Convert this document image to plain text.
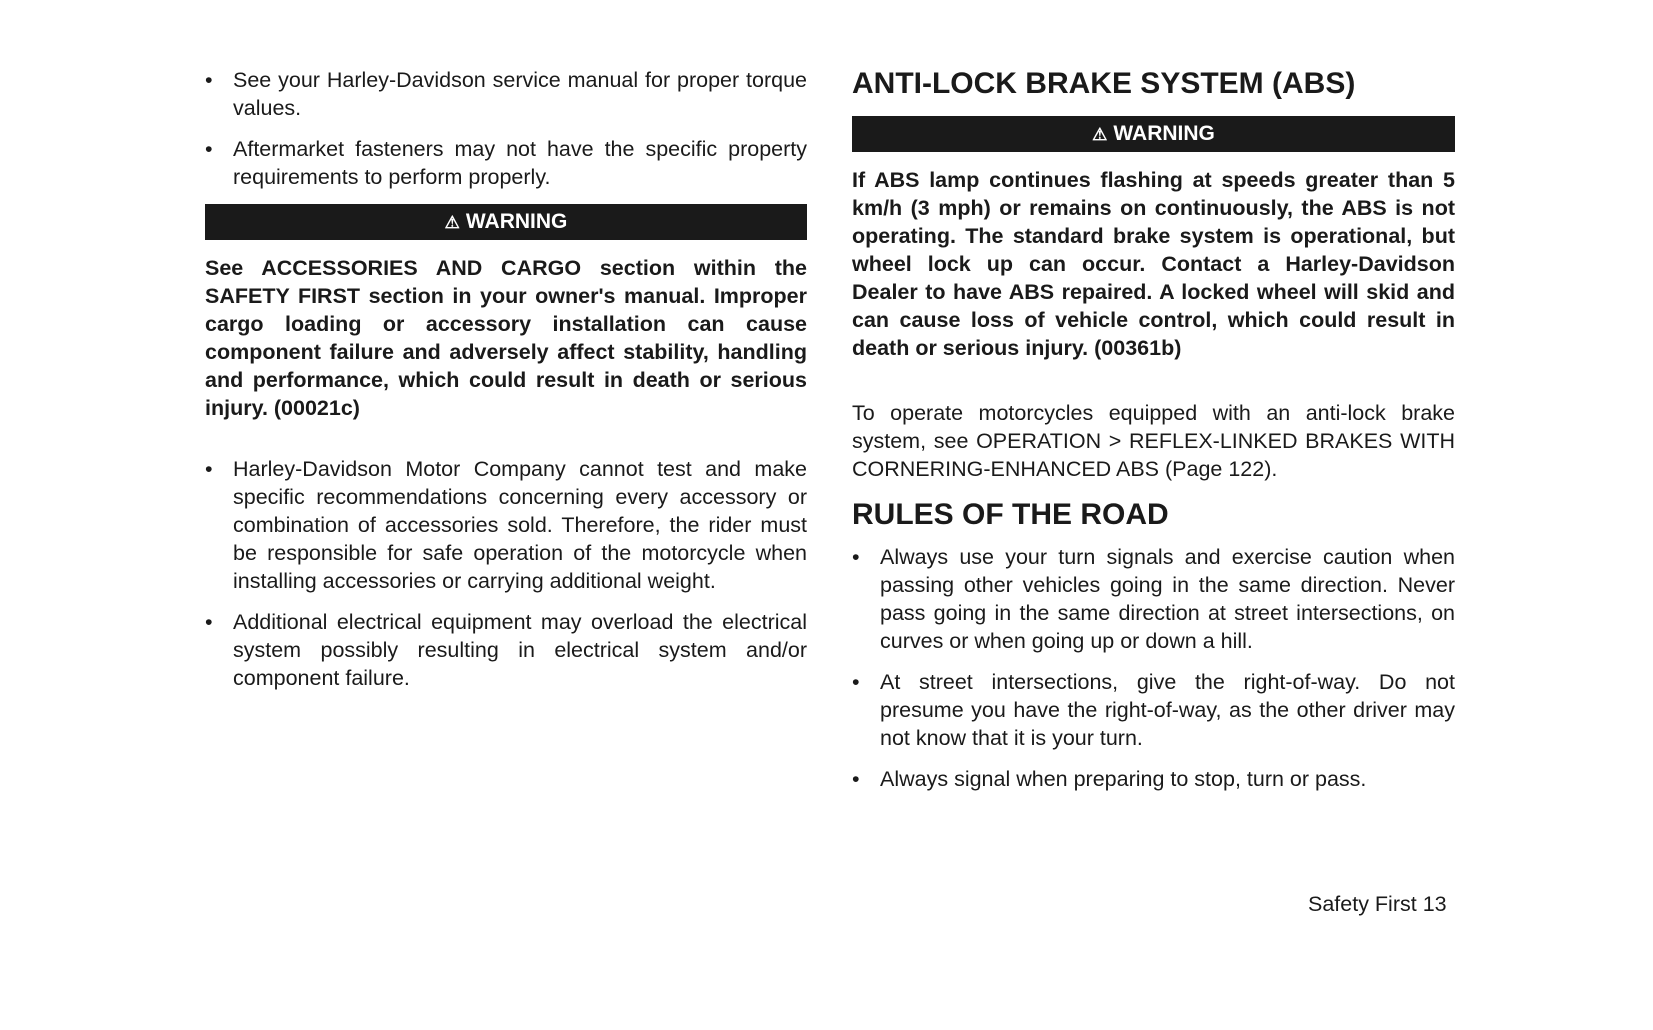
• See your Harley-Davidson service manual for proper torque values.
• Aftermarket fasteners may not have the specific property requirements to perform properly.
⚠ WARNING

See ACCESSORIES AND CARGO section within the SAFETY FIRST section in your owner's manual. Improper cargo loading or accessory installation can cause component failure and adversely affect stability, handling and performance, which could result in death or serious injury. (00021c)

• Harley-Davidson Motor Company cannot test and make specific recommendations concerning every accessory or combination of accessories sold. Therefore, the rider must be responsible for safe operation of the motorcycle when installing accessories or carrying additional weight.
• Additional electrical equipment may overload the electrical system possibly resulting in electrical system and/or component failure.
ANTI-LOCK BRAKE SYSTEM (ABS)
⚠ WARNING

If ABS lamp continues flashing at speeds greater than 5 km/h (3 mph) or remains on continuously, the ABS is not operating. The standard brake system is operational, but wheel lock up can occur. Contact a Harley-Davidson Dealer to have ABS repaired. A locked wheel will skid and can cause loss of vehicle control, which could result in death or serious injury. (00361b)

To operate motorcycles equipped with an anti-lock brake system, see OPERATION > REFLEX-LINKED BRAKES WITH CORNERING-ENHANCED ABS (Page 122).

RULES OF THE ROAD
• Always use your turn signals and exercise caution when passing other vehicles going in the same direction. Never pass going in the same direction at street intersections, on curves or when going up or down a hill.
• At street intersections, give the right-of-way. Do not presume you have the right-of-way, as the other driver may not know that it is your turn.
• Always signal when preparing to stop, turn or pass.
Safety First 13
